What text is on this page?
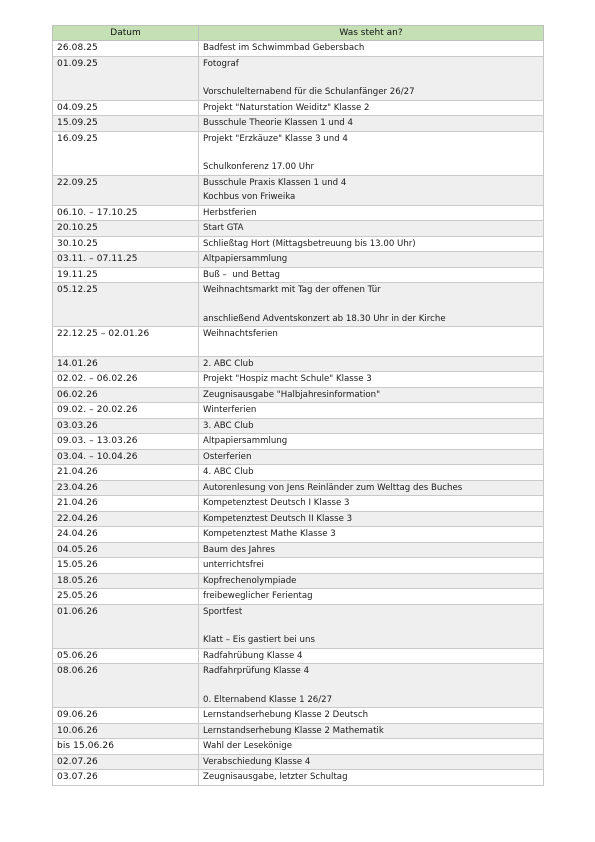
Datum	Was steht an?
26.08.25	Badfest im Schwimmbad Gebersbach

01.09.25	Fotograf
Vorschulelternabend für die Schulanfänger 26/27

04.09.25	Projekt "Naturstation Weiditz" Klasse 2

15.09.25	Busschule Theorie Klassen 1 und 4

16.09.25	Projekt "Erzkäuze" Klasse 3 und 4
Schulkonferenz 17.00 Uhr

22.09.25	Busschule Praxis Klassen 1 und 4
Kochbus von Friweika

06.10. – 17.10.25	Herbstferien

20.10.25	Start GTA

30.10.25	Schließtag Hort (Mittagsbetreuung bis 13.00 Uhr)

03.11. – 07.11.25	Altpapiersammlung

19.11.25	Buß –  und Bettag

05.12.25	Weihnachtsmarkt mit Tag der offenen Tür
anschließend Adventskonzert ab 18.30 Uhr in der Kirche

22.12.25 – 02.01.26	Weihnachtsferien

14.01.26	2. ABC Club

02.02. – 06.02.26	Projekt "Hospiz macht Schule" Klasse 3

06.02.26	Zeugnisausgabe "Halbjahresinformation"

09.02. – 20.02.26	Winterferien

03.03.26	3. ABC Club

09.03. – 13.03.26	Altpapiersammlung

03.04. – 10.04.26	Osterferien

21.04.26	4. ABC Club

23.04.26	Autorenlesung von Jens Reinländer zum Welttag des Buches

21.04.26	Kompetenztest Deutsch I Klasse 3

22.04.26	Kompetenztest Deutsch II Klasse 3

24.04.26	Kompetenztest Mathe Klasse 3

04.05.26	Baum des Jahres

15.05.26	unterrichtsfrei

18.05.26	Kopfrechenolympiade

25.05.26	freibeweglicher Ferientag

01.06.26	Sportfest
Klatt – Eis gastiert bei uns

05.06.26	Radfahrübung Klasse 4

08.06.26	Radfahrprüfung Klasse 4
0. Elternabend Klasse 1 26/27

09.06.26	Lernstandserhebung Klasse 2 Deutsch

10.06.26	Lernstandserhebung Klasse 2 Mathematik

bis 15.06.26	Wahl der Lesekönige

02.07.26	Verabschiedung Klasse 4

03.07.26	Zeugnisausgabe, letzter Schultag
